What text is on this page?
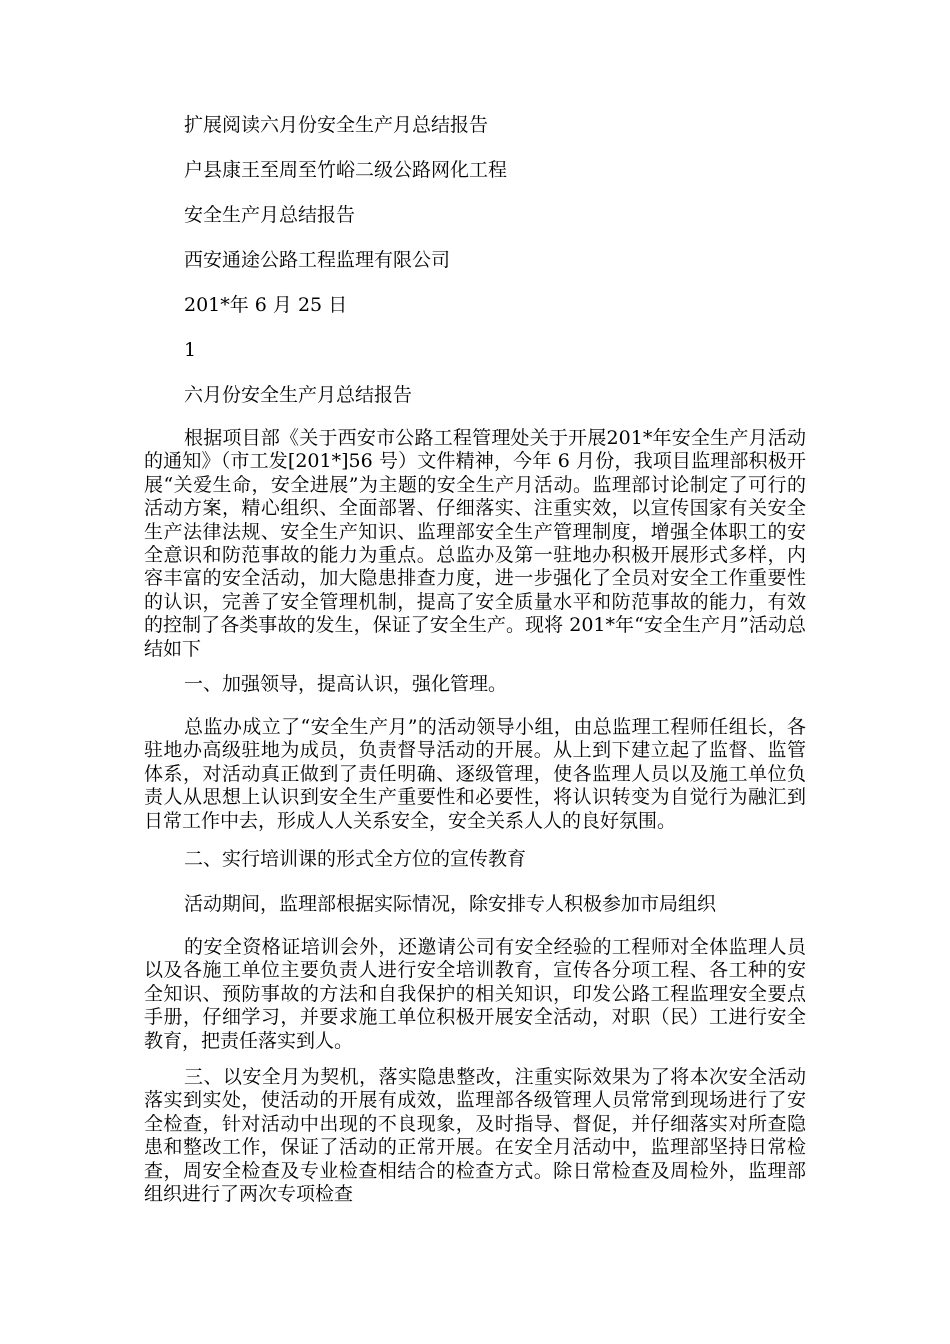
扩展阅读六月份安全生产月总结报告
户县康王至周至竹峪二级公路网化工程
安全生产月总结报告
西安通途公路工程监理有限公司
201*年 6 月 25 日
1
六月份安全生产月总结报告
根据项目部《关于西安市公路工程管理处关于开展201*年安全生产月活动的通知》（市工发[201*]56 号）文件精神，今年 6 月份，我项目监理部积极开展“关爱生命，安全进展”为主题的安全生产月活动。监理部讨论制定了可行的活动方案，精心组织、全面部署、仔细落实、注重实效，以宣传国家有关安全生产法律法规、安全生产知识、监理部安全生产管理制度，增强全体职工的安全意识和防范事故的能力为重点。总监办及第一驻地办积极开展形式多样，内容丰富的安全活动，加大隐患排查力度，进一步强化了全员对安全工作重要性的认识，完善了安全管理机制，提高了安全质量水平和防范事故的能力，有效的控制了各类事故的发生，保证了安全生产。现将 201*年“安全生产月”活动总结如下
一、加强领导，提高认识，强化管理。
总监办成立了“安全生产月”的活动领导小组，由总监理工程师任组长，各驻地办高级驻地为成员，负责督导活动的开展。从上到下建立起了监督、监管体系，对活动真正做到了责任明确、逐级管理，使各监理人员以及施工单位负责人从思想上认识到安全生产重要性和必要性，将认识转变为自觉行为融汇到日常工作中去，形成人人关系安全，安全关系人人的良好氛围。
二、实行培训课的形式全方位的宣传教育
活动期间，监理部根据实际情况，除安排专人积极参加市局组织
的安全资格证培训会外，还邀请公司有安全经验的工程师对全体监理人员以及各施工单位主要负责人进行安全培训教育，宣传各分项工程、各工种的安全知识、预防事故的方法和自我保护的相关知识，印发公路工程监理安全要点手册，仔细学习，并要求施工单位积极开展安全活动，对职（民）工进行安全教育，把责任落实到人。
三、以安全月为契机，落实隐患整改，注重实际效果为了将本次安全活动落实到实处，使活动的开展有成效，监理部各级管理人员常常到现场进行了安全检查，针对活动中出现的不良现象，及时指导、督促，并仔细落实对所查隐患和整改工作，保证了活动的正常开展。在安全月活动中，监理部坚持日常检查，周安全检查及专业检查相结合的检查方式。除日常检查及周检外，监理部组织进行了两次专项检查
